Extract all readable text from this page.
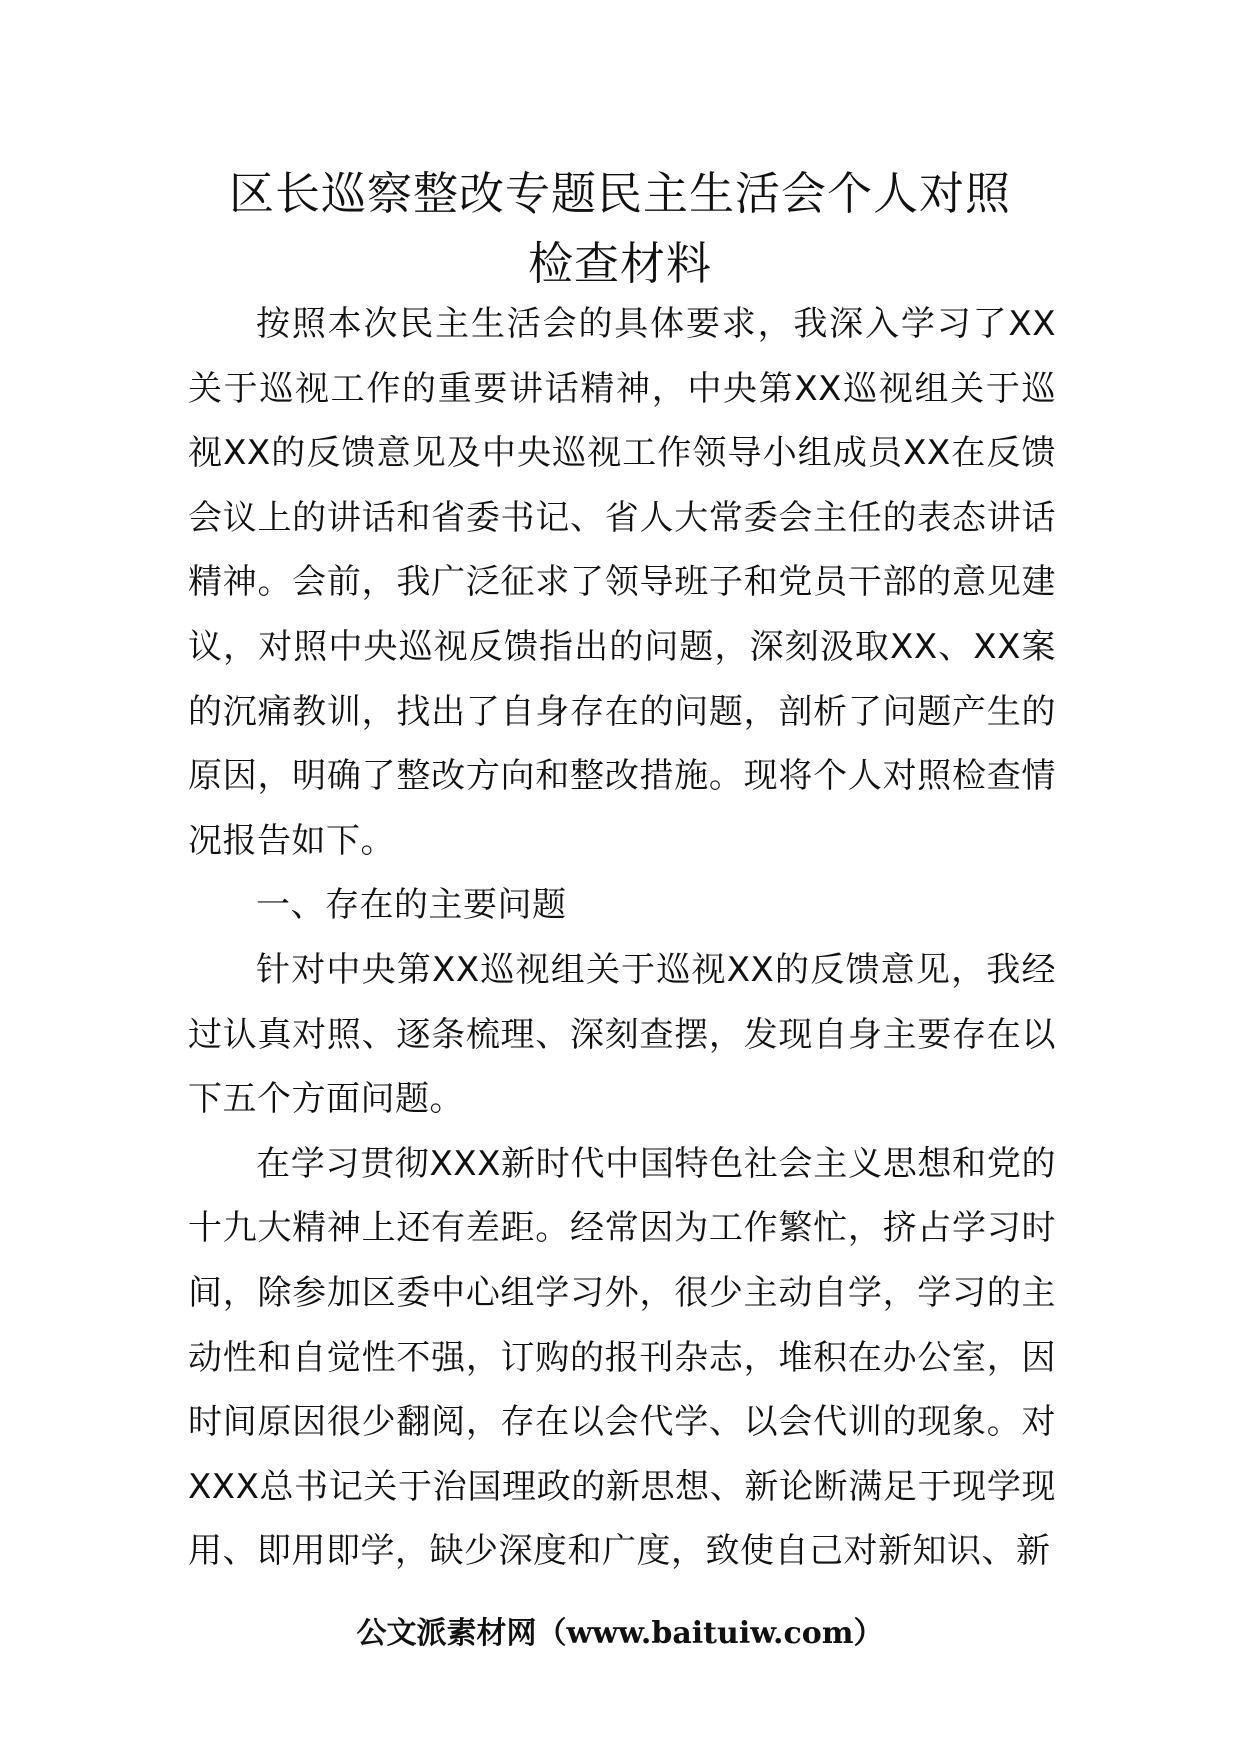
区长巡察整改专题民主生活会个人对照
检查材料

按照本次民主生活会的具体要求，我深入学习了XX关于巡视工作的重要讲话精神，中央第XX巡视组关于巡视XX的反馈意见及中央巡视工作领导小组成员XX在反馈会议上的讲话和省委书记、省人大常委会主任的表态讲话精神。会前，我广泛征求了领导班子和党员干部的意见建议，对照中央巡视反馈指出的问题，深刻汲取XX、XX案的沉痛教训，找出了自身存在的问题，剖析了问题产生的原因，明确了整改方向和整改措施。现将个人对照检查情况报告如下。

一、存在的主要问题

针对中央第XX巡视组关于巡视XX的反馈意见，我经过认真对照、逐条梳理、深刻查摆，发现自身主要存在以下五个方面问题。

在学习贯彻XXX新时代中国特色社会主义思想和党的十九大精神上还有差距。经常因为工作繁忙，挤占学习时间，除参加区委中心组学习外，很少主动自学，学习的主动性和自觉性不强，订购的报刊杂志，堆积在办公室，因时间原因很少翻阅，存在以会代学、以会代训的现象。对XXX总书记关于治国理政的新思想、新论断满足于现学现用、即用即学，缺少深度和广度，致使自己对新知识、新

公文派素材网（www.baituiw.com）
